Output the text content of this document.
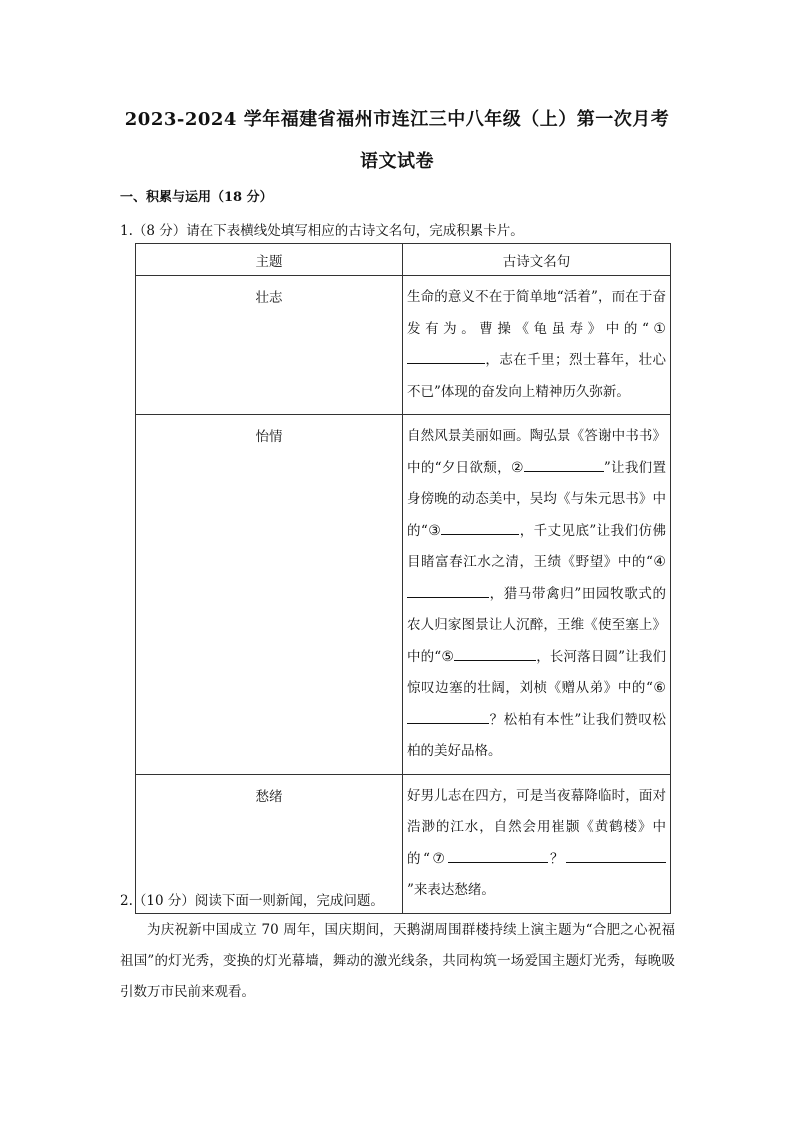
2023-2024 学年福建省福州市连江三中八年级（上）第一次月考
语文试卷
一、积累与运用（18 分）
1.（8 分）请在下表横线处填写相应的古诗文名句，完成积累卡片。
主题	古诗文名句
壮志	生命的意义不在于简单地“活着”，而在于奋发有为。曹操《龟虽寿》中的“①，志在千里；烈士暮年，壮心不已”体现的奋发向上精神历久弥新。
怡情	自然风景美丽如画。陶弘景《答谢中书书》中的“夕日欲颓，② ”让我们置身傍晚的动态美中，吴均《与朱元思书》中的“③ ，千丈见底”让我们仿佛目睹富春江水之清，王绩《野望》中的“④，猎马带禽归”田园牧歌式的农人归家图景让人沉醉，王维《使至塞上》中的“⑤ ，长河落日圆”让我们惊叹边塞的壮阔，刘桢《赠从弟》中的“⑥？松柏有本性”让我们赞叹松柏的美好品格。
愁绪	好男儿志在四方，可是当夜幕降临时，面对浩渺的江水，自然会用崔颢《黄鹤楼》中的“⑦ ？”来表达愁绪。
2.（10 分）阅读下面一则新闻，完成问题。
为庆祝新中国成立 70 周年，国庆期间，天鹅湖周围群楼持续上演主题为“合肥之心祝福祖国”的灯光秀，变换的灯光幕墙，舞动的激光线条，共同构筑一场爱国主题灯光秀，每晚吸引数万市民前来观看。
